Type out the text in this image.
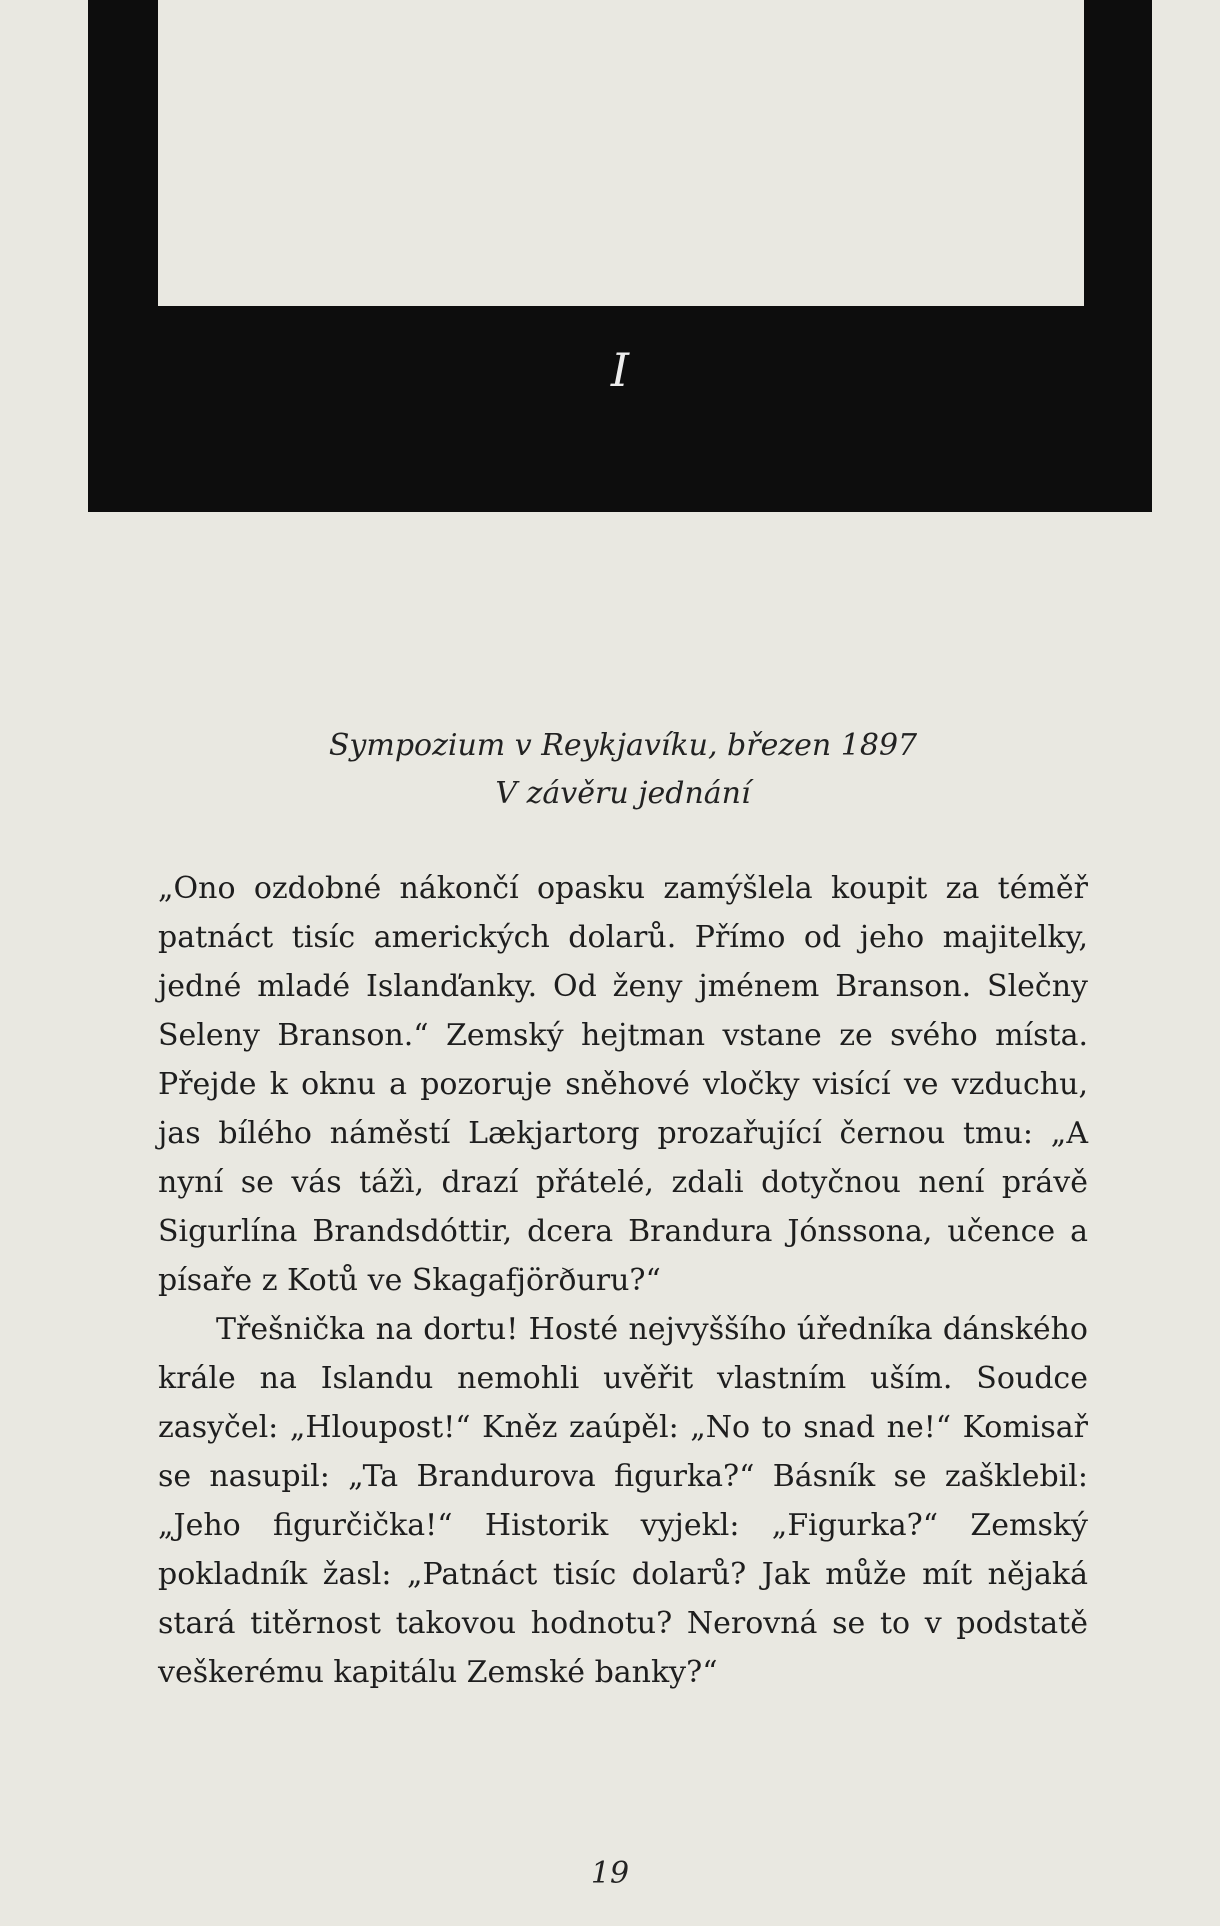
I
Sympozium v Reykjavíku, březen 1897
V závěru jednání

„Ono ozdobné nákončí opasku zamýšlela koupit za téměř patnáct tisíc amerických dolarů. Přímo od jeho majitelky, jedné mladé Islanďanky. Od ženy jménem Branson. Slečny Seleny Branson.“ Zemský hejtman vstane ze svého místa. Přejde k oknu a pozoruje sněhové vločky visící ve vzduchu, jas bílého náměstí Lækjartorg prozařující černou tmu: „A nyní se vás tážì, drazí přátelé, zdali dotyčnou není právě Sigurlína Brandsdóttir, dcera Brandura Jónssona, učence a písaře z Kotů ve Skagafjörðuru?“

Třešnička na dortu! Hosté nejvyššího úředníka dánského krále na Islandu nemohli uvěřit vlastním uším. Soudce zasyčel: „Hloupost!“ Kněz zaúpěl: „No to snad ne!“ Komisař se nasupil: „Ta Brandurova figurka?“ Básník se zašklebil: „Jeho figurčička!“ Historik vyjekl: „Figurka?“ Zemský pokladník žasl: „Patnáct tisíc dolarů? Jak může mít nějaká stará titěrnost takovou hodnotu? Nerovná se to v podstatě veškerému kapitálu Zemské banky?“

19
